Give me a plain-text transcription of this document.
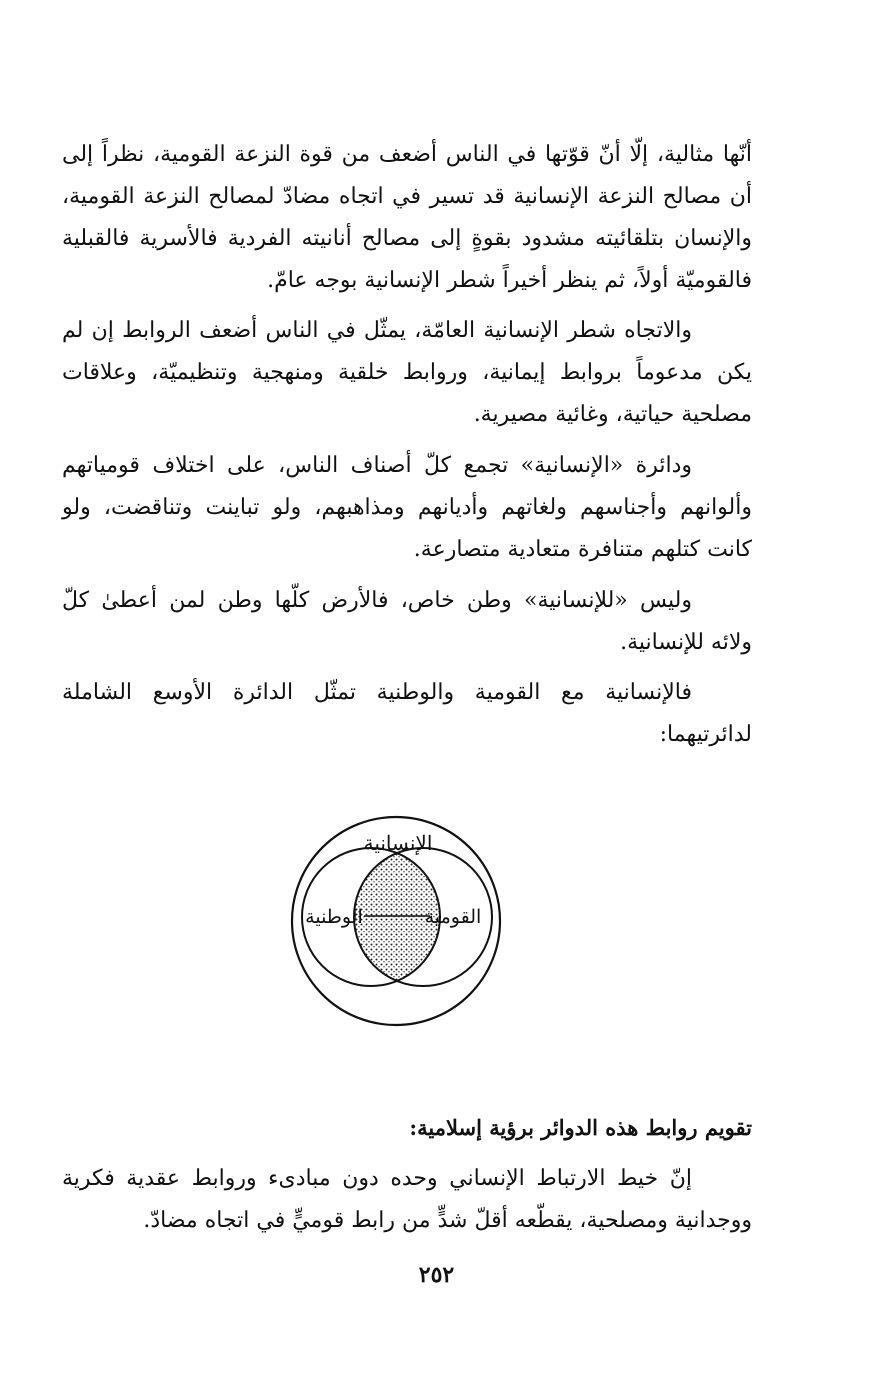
أنّها مثالية، إلّا أنّ قوّتها في الناس أضعف من قوة النزعة القومية، نظراً إلى أن مصالح النزعة الإنسانية قد تسير في اتجاه مضادّ لمصالح النزعة القومية، والإنسان بتلقائيته مشدود بقوةٍ إلى مصالح أنانيته الفردية فالأسرية فالقبلية فالقوميّة أولاً، ثم ينظر أخيراً شطر الإنسانية بوجه عامّ.

والاتجاه شطر الإنسانية العامّة، يمثّل في الناس أضعف الروابط إن لم يكن مدعوماً بروابط إيمانية، وروابط خلقية ومنهجية وتنظيميّة، وعلاقات مصلحية حياتية، وغائية مصيرية.

ودائرة «الإنسانية» تجمع كلّ أصناف الناس، على اختلاف قومياتهم وألوانهم وأجناسهم ولغاتهم وأديانهم ومذاهبهم، ولو تباينت وتناقضت، ولو كانت كتلهم متنافرة متعادية متصارعة.

وليس «للإنسانية» وطن خاص، فالأرض كلّها وطن لمن أعطىٰ كلّ ولائه للإنسانية.

فالإنسانية مع القومية والوطنية تمثّل الدائرة الأوسع الشاملة لدائرتيهما:

الإنسانية
القومية
الوطنية

تقويم روابط هذه الدوائر برؤية إسلامية:

إنّ خيط الارتباط الإنساني وحده دون مبادىء وروابط عقدية فكرية ووجدانية ومصلحية، يقطّعه أقلّ شدٍّ من رابط قوميٍّ في اتجاه مضادّ.

٢٥٢
